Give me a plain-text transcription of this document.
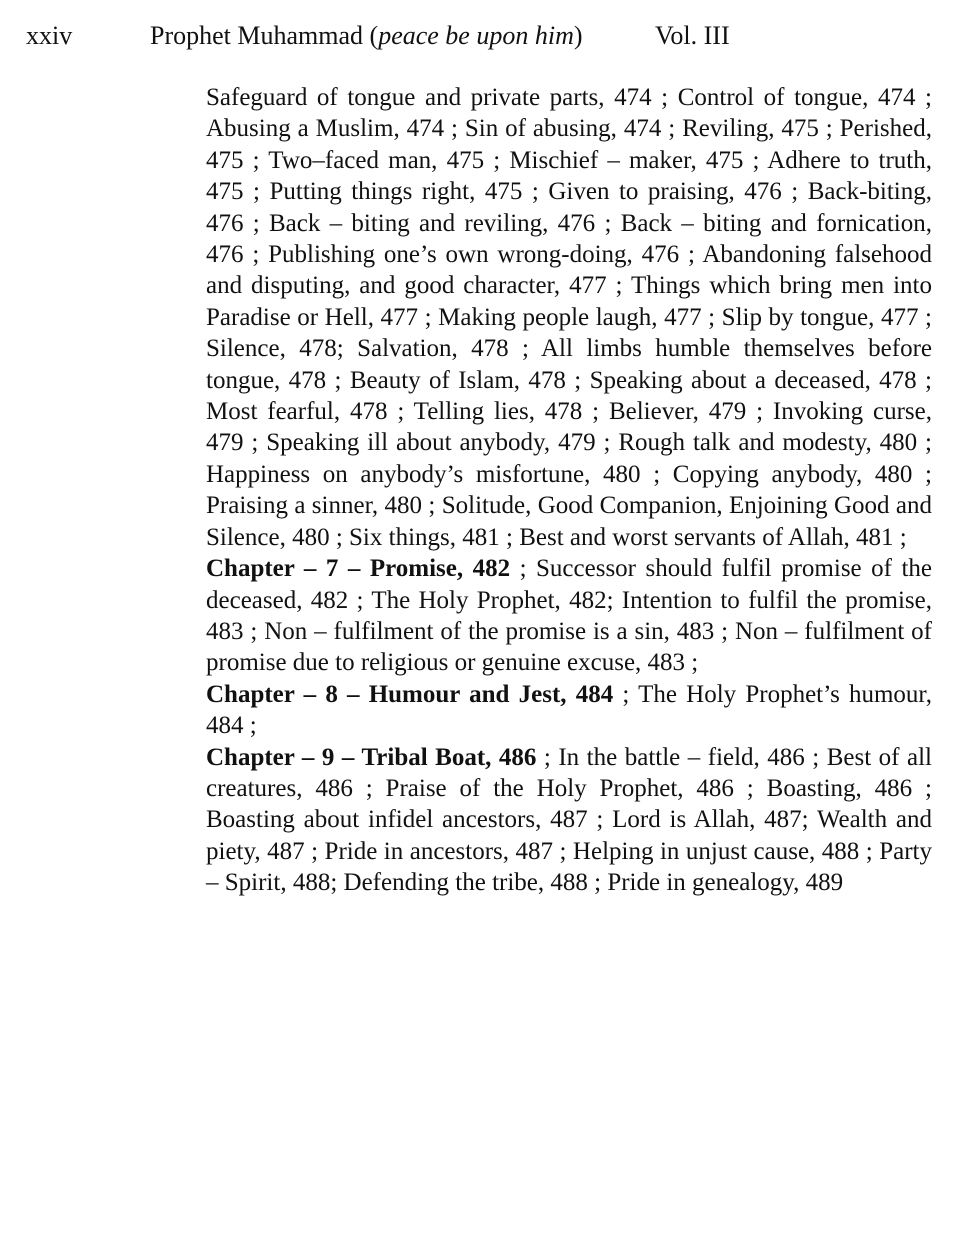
xxiv	Prophet Muhammad (peace be upon him)	Vol. III

Safeguard of tongue and private parts, 474 ; Control of tongue, 474 ; Abusing a Muslim, 474 ; Sin of abusing, 474 ; Reviling, 475 ; Perished, 475 ; Two–faced man, 475 ; Mischief – maker, 475 ; Adhere to truth, 475 ; Putting things right, 475 ; Given to praising, 476 ; Back-biting, 476 ; Back – biting and reviling, 476 ; Back – biting and fornication, 476 ; Publishing one’s own wrong-doing, 476 ; Abandoning falsehood and disputing, and good character, 477 ; Things which bring men into Paradise or Hell, 477 ; Making people laugh, 477 ; Slip by tongue, 477 ; Silence, 478; Salvation, 478 ; All limbs humble themselves before tongue, 478 ; Beauty of Islam, 478 ; Speaking about a deceased, 478 ; Most fearful, 478 ; Telling lies, 478 ; Believer, 479 ; Invoking curse, 479 ; Speaking ill about anybody, 479 ; Rough talk and modesty, 480 ; Happiness on anybody’s misfortune, 480 ; Copying anybody, 480 ; Praising a sinner, 480 ; Solitude, Good Companion, Enjoining Good and Silence, 480 ; Six things, 481 ; Best and worst servants of Allah, 481 ;

Chapter – 7 – Promise, 482 ; Successor should fulfil promise of the deceased, 482 ; The Holy Prophet, 482; Intention to fulfil the promise, 483 ; Non – fulfilment of the promise is a sin, 483 ; Non – fulfilment of promise due to religious or genuine excuse, 483 ;

Chapter – 8 – Humour and Jest, 484 ; The Holy Prophet’s humour, 484 ;

Chapter – 9 – Tribal Boat, 486 ; In the battle – field, 486 ; Best of all creatures, 486 ; Praise of the Holy Prophet, 486 ; Boasting, 486 ; Boasting about infidel ancestors, 487 ; Lord is Allah, 487; Wealth and piety, 487 ; Pride in ancestors, 487 ; Helping in unjust cause, 488 ; Party – Spirit, 488; Defending the tribe, 488 ; Pride in genealogy, 489
